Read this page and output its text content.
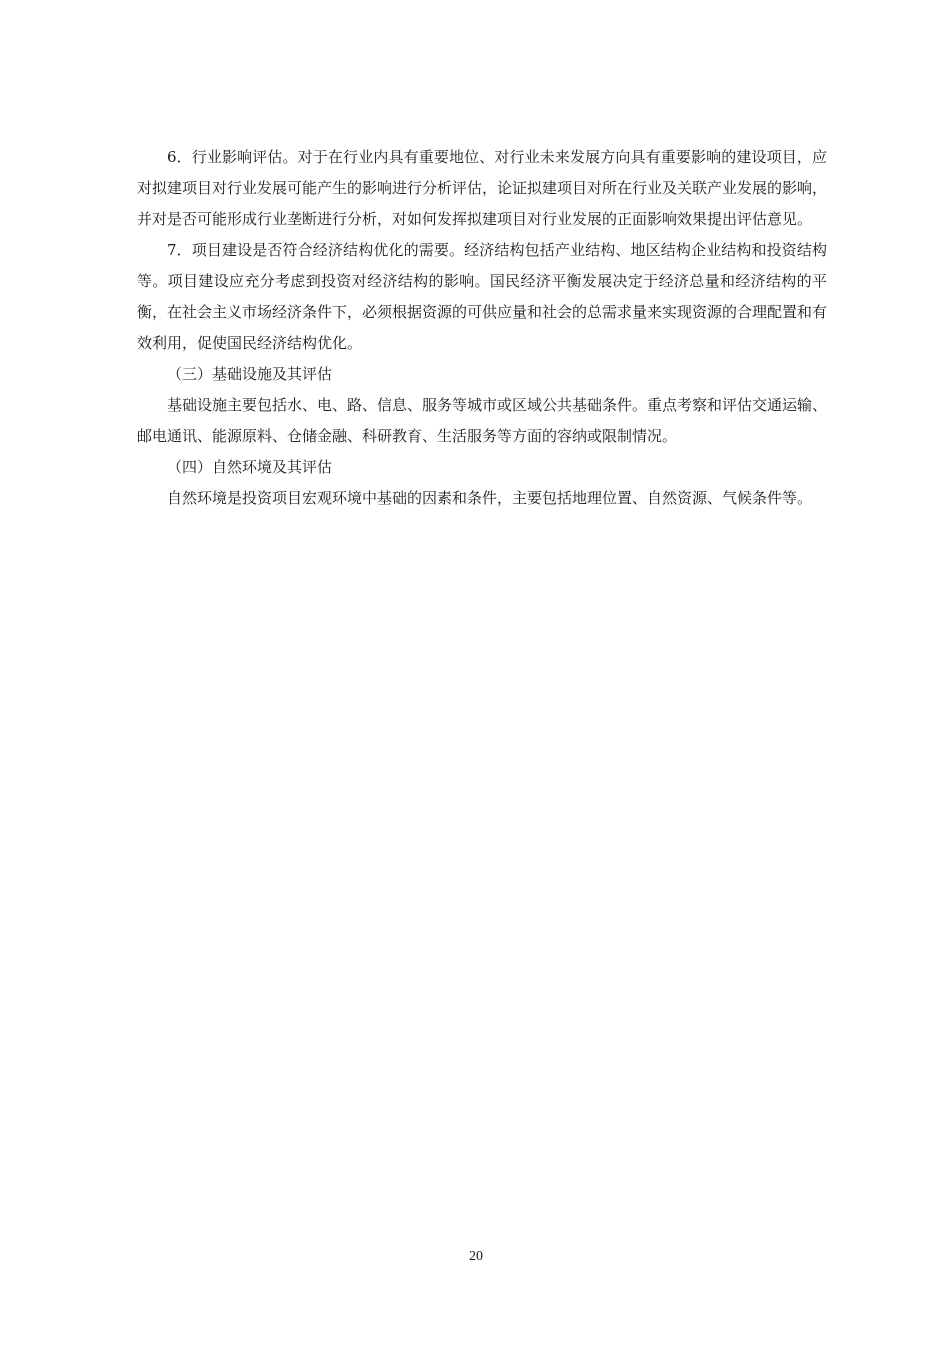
6．行业影响评估。对于在行业内具有重要地位、对行业未来发展方向具有重要影响的建设项目，应对拟建项目对行业发展可能产生的影响进行分析评估，论证拟建项目对所在行业及关联产业发展的影响，并对是否可能形成行业垄断进行分析，对如何发挥拟建项目对行业发展的正面影响效果提出评估意见。

7．项目建设是否符合经济结构优化的需要。经济结构包括产业结构、地区结构企业结构和投资结构等。项目建设应充分考虑到投资对经济结构的影响。国民经济平衡发展决定于经济总量和经济结构的平衡，在社会主义市场经济条件下，必须根据资源的可供应量和社会的总需求量来实现资源的合理配置和有效利用，促使国民经济结构优化。

（三）基础设施及其评估

基础设施主要包括水、电、路、信息、服务等城市或区域公共基础条件。重点考察和评估交通运输、邮电通讯、能源原料、仓储金融、科研教育、生活服务等方面的容纳或限制情况。

（四）自然环境及其评估

自然环境是投资项目宏观环境中基础的因素和条件，主要包括地理位置、自然资源、气候条件等。

20
